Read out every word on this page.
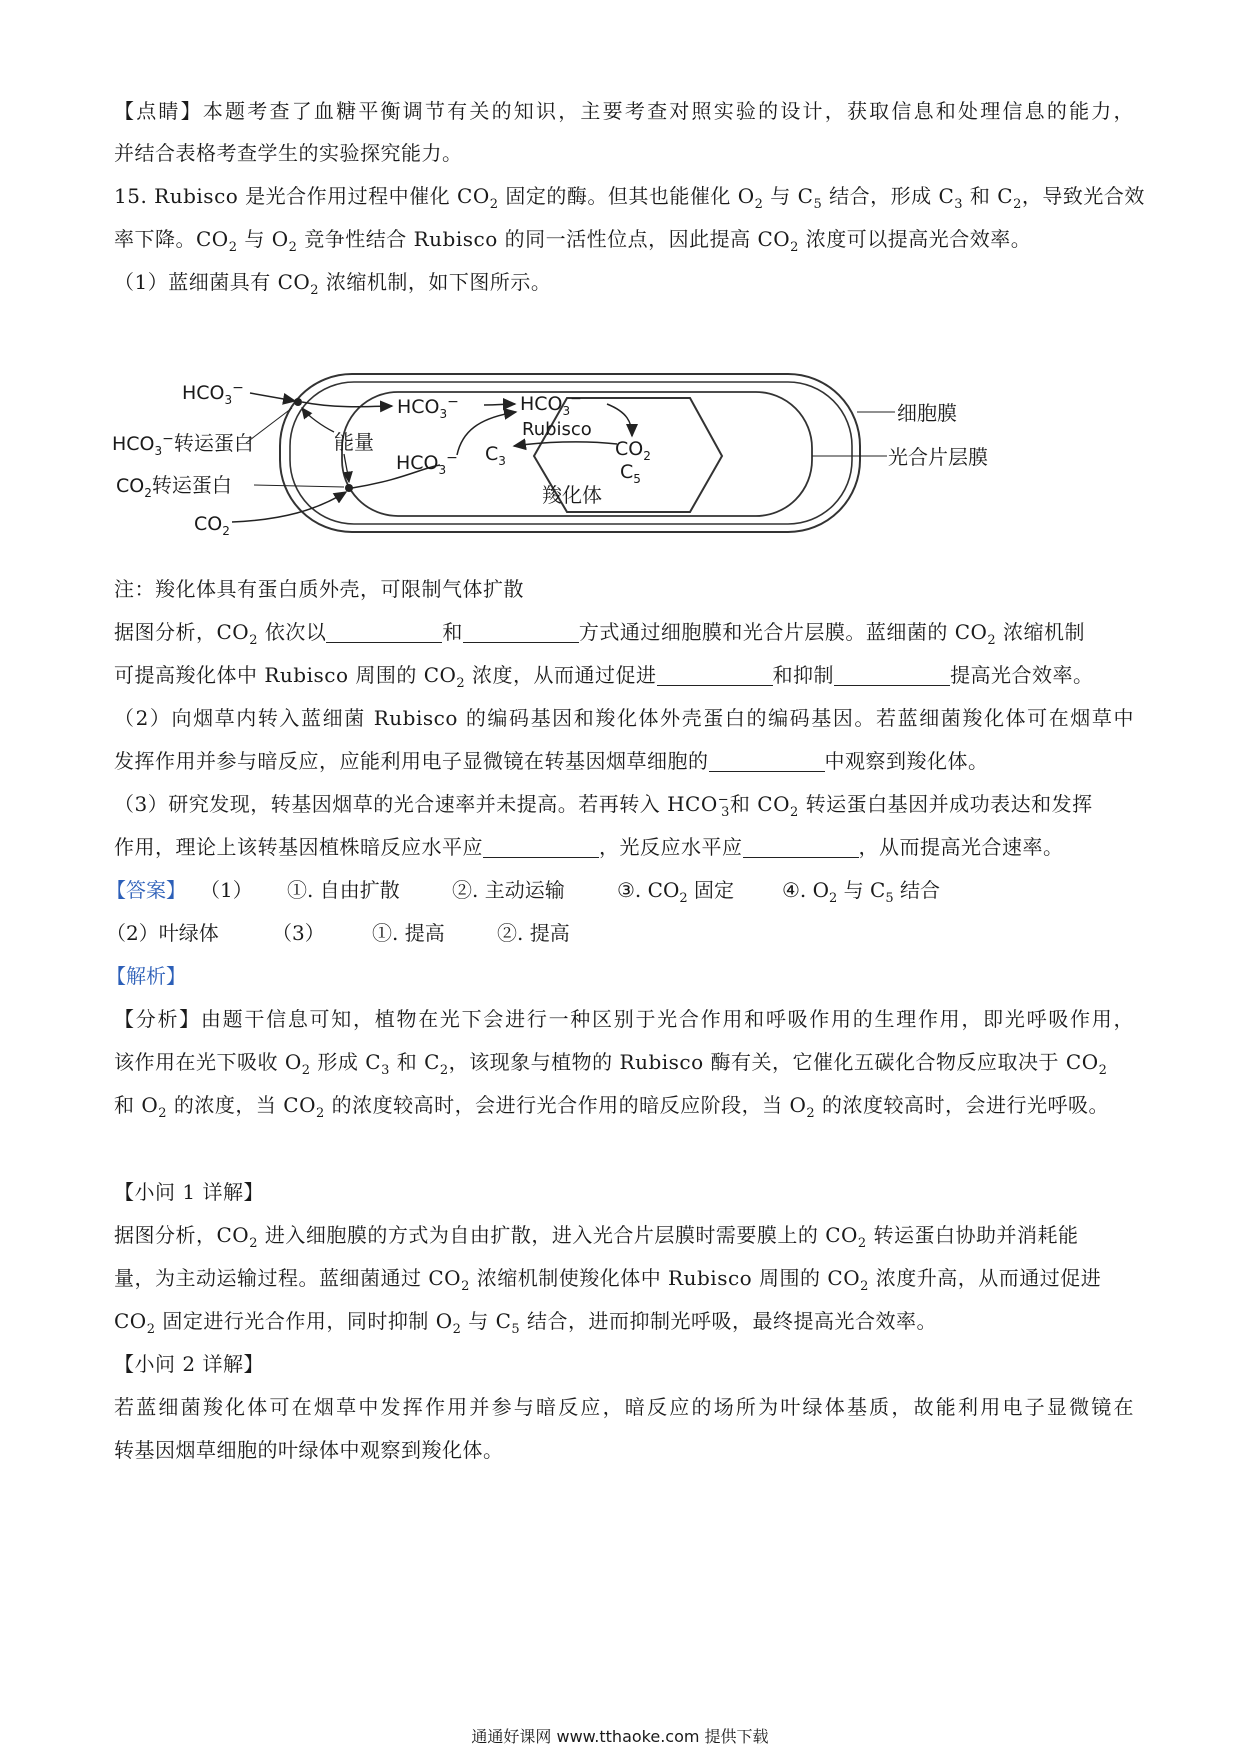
【点睛】本题考查了血糖平衡调节有关的知识，主要考查对照实验的设计，获取信息和处理信息的能力，
并结合表格考查学生的实验探究能力。
15. Rubisco 是光合作用过程中催化 $CO_2$ 固定的酶。但其也能催化 $O_2$ 与 $C_5$ 结合，形成 $C_3$ 和 $C_2$，导致光合效
率下降。$CO_2$ 与 $O_2$ 竞争性结合 Rubisco 的同一活性位点，因此提高 $CO_2$ 浓度可以提高光合效率。
（1）蓝细菌具有 $CO_2$ 浓缩机制，如下图所示。
$HCO_3^-$
$HCO_3^-$转运蛋白
$CO_2$转运蛋白
$CO_2$
能量
$HCO_3^-$
$HCO_3^-$
$HCO_3^-$
Rubisco
$CO_2$
$C_3$	$C_5$
羧化体
细胞膜
光合片层膜
注：羧化体具有蛋白质外壳，可限制气体扩散
据图分析，$CO_2$ 依次以	和	方式通过细胞膜和光合片层膜。蓝细菌的 $CO_2$ 浓缩机制
可提高羧化体中 Rubisco 周围的 $CO_2$ 浓度，从而通过促进	和抑制	提高光合效率。
（2）向烟草内转入蓝细菌 Rubisco 的编码基因和羧化体外壳蛋白的编码基因。若蓝细菌羧化体可在烟草中
发挥作用并参与暗反应，应能利用电子显微镜在转基因烟草细胞的	中观察到羧化体。
（3）研究发现，转基因烟草的光合速率并未提高。若再转入 $HCO^-_3$和 $CO_2$ 转运蛋白基因并成功表达和发挥
作用，理论上该转基因植株暗反应水平应	，光反应水平应	，从而提高光合速率。
【答案】 （1） ①. 自由扩散	②. 主动运输	③. $CO_2$ 固定 ④. $O_2$ 与 $C_5$ 结合
（2）叶绿体	（3） ①. 提高	②. 提高
【解析】
【分析】由题干信息可知，植物在光下会进行一种区别于光合作用和呼吸作用的生理作用，即光呼吸作用，
该作用在光下吸收 $O_2$ 形成 $C_3$ 和 $C_2$，该现象与植物的 Rubisco 酶有关，它催化五碳化合物反应取决于 $CO_2$
和 $O_2$ 的浓度，当 $CO_2$ 的浓度较高时，会进行光合作用的暗反应阶段，当 $O_2$ 的浓度较高时，会进行光呼吸。
【小问 1 详解】
据图分析，$CO_2$ 进入细胞膜的方式为自由扩散，进入光合片层膜时需要膜上的 $CO_2$ 转运蛋白协助并消耗能
量，为主动运输过程。蓝细菌通过 $CO_2$ 浓缩机制使羧化体中 Rubisco 周围的 $CO_2$ 浓度升高，从而通过促进
$CO_2$ 固定进行光合作用，同时抑制 $O_2$ 与 $C_5$ 结合，进而抑制光呼吸，最终提高光合效率。
【小问 2 详解】
若蓝细菌羧化体可在烟草中发挥作用并参与暗反应，暗反应的场所为叶绿体基质，故能利用电子显微镜在
转基因烟草细胞的叶绿体中观察到羧化体。
通通好课网 www.tthaoke.com 提供下载
